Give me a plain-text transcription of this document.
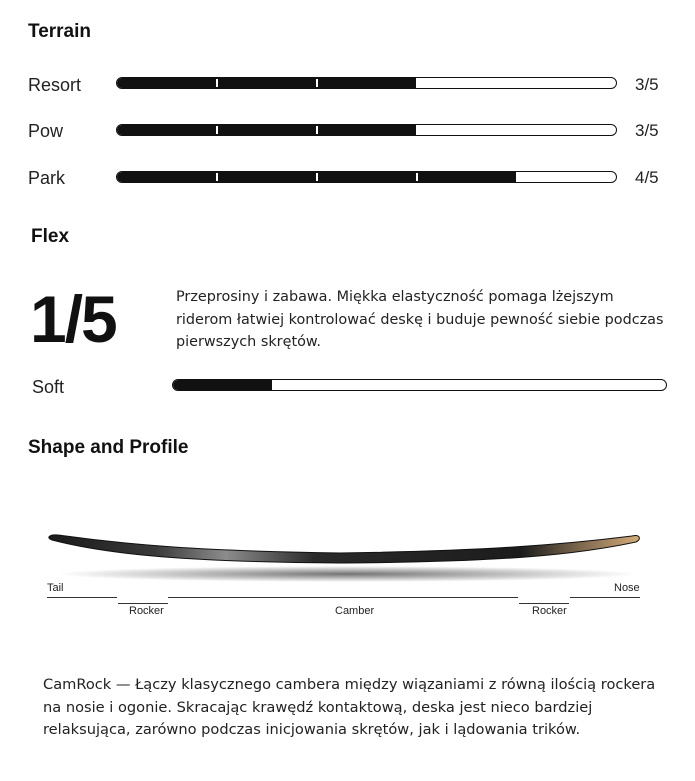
Terrain
Resort	3/5
Pow	3/5
Park	4/5
Flex
1/5	Przeprosiny i zabawa. Miękka elastyczność pomaga lżejszym riderom łatwiej kontrolować deskę i buduje pewność siebie podczas pierwszych skrętów.
Soft
Shape and Profile
Tail	Nose
Rocker	Camber	Rocker
CamRock — Łączy klasycznego cambera między wiązaniami z równą ilością rockera na nosie i ogonie. Skracając krawędź kontaktową, deska jest nieco bardziej relaksująca, zarówno podczas inicjowania skrętów, jak i lądowania trików.
